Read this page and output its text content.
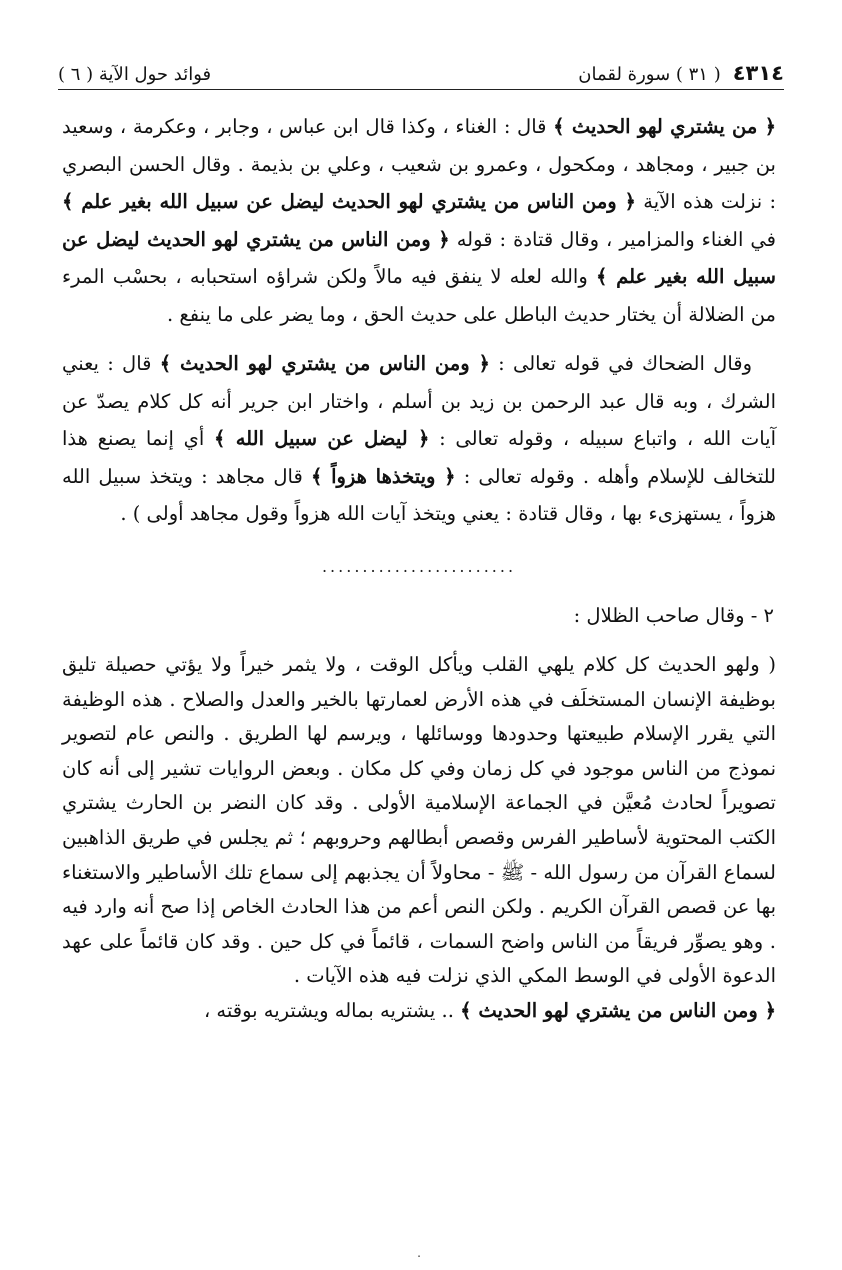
٤٣١٤
( ٣١ ) سورة لقمان
فوائد حول الآية ( ٦ )

﴿ من يشتري لهو الحديث ﴾ قال : الغناء ، وكذا قال ابن عباس ، وجابر ، وعكرمة ، وسعيد بن جبير ، ومجاهد ، ومكحول ، وعمرو بن شعيب ، وعلي بن بذيمة . وقال الحسن البصري : نزلت هذه الآية ﴿ ومن الناس من يشتري لهو الحديث ليضل عن سبيل الله بغير علم ﴾ في الغناء والمزامير ، وقال قتادة : قوله ﴿ ومن الناس من يشتري لهو الحديث ليضل عن سبيل الله بغير علم ﴾ والله لعله لا ينفق فيه مالاً ولكن شراؤه استحبابه ، بحسْب المرء من الضلالة أن يختار حديث الباطل على حديث الحق ، وما يضر على ما ينفع .

وقال الضحاك في قوله تعالى : ﴿ ومن الناس من يشتري لهو الحديث ﴾ قال : يعني الشرك ، وبه قال عبد الرحمن بن زيد بن أسلم ، واختار ابن جرير أنه كل كلام يصدّ عن آيات الله ، واتباع سبيله ، وقوله تعالى : ﴿ ليضل عن سبيل الله ﴾ أي إنما يصنع هذا للتخالف للإسلام وأهله . وقوله تعالى : ﴿ ويتخذها هزواً ﴾ قال مجاهد : ويتخذ سبيل الله هزواً ، يستهزىء بها ، وقال قتادة : يعني ويتخذ آيات الله هزواً وقول مجاهد أولى ) .

........................
٢ - وقال صاحب الظلال :

( ولهو الحديث كل كلام يلهي القلب ويأكل الوقت ، ولا يثمر خيراً ولا يؤتي حصيلة تليق بوظيفة الإنسان المستخلَف في هذه الأرض لعمارتها بالخير والعدل والصلاح . هذه الوظيفة التي يقرر الإسلام طبيعتها وحدودها ووسائلها ، ويرسم لها الطريق . والنص عام لتصوير نموذج من الناس موجود في كل زمان وفي كل مكان . وبعض الروايات تشير إلى أنه كان تصويراً لحادث مُعيَّن في الجماعة الإسلامية الأولى . وقد كان النضر بن الحارث يشتري الكتب المحتوية لأساطير الفرس وقصص أبطالهم وحروبهم ؛ ثم يجلس في طريق الذاهبين لسماع القرآن من رسول الله - ﷺ - محاولاً أن يجذبهم إلى سماع تلك الأساطير والاستغناء بها عن قصص القرآن الكريم . ولكن النص أعم من هذا الحادث الخاص إذا صح أنه وارد فيه . وهو يصوِّر فريقاً من الناس واضح السمات ، قائماً في كل حين . وقد كان قائماً على عهد الدعوة الأولى في الوسط المكي الذي نزلت فيه هذه الآيات .

﴿ ومن الناس من يشتري لهو الحديث ﴾ .. يشتريه بماله ويشتريه بوقته ،

.
